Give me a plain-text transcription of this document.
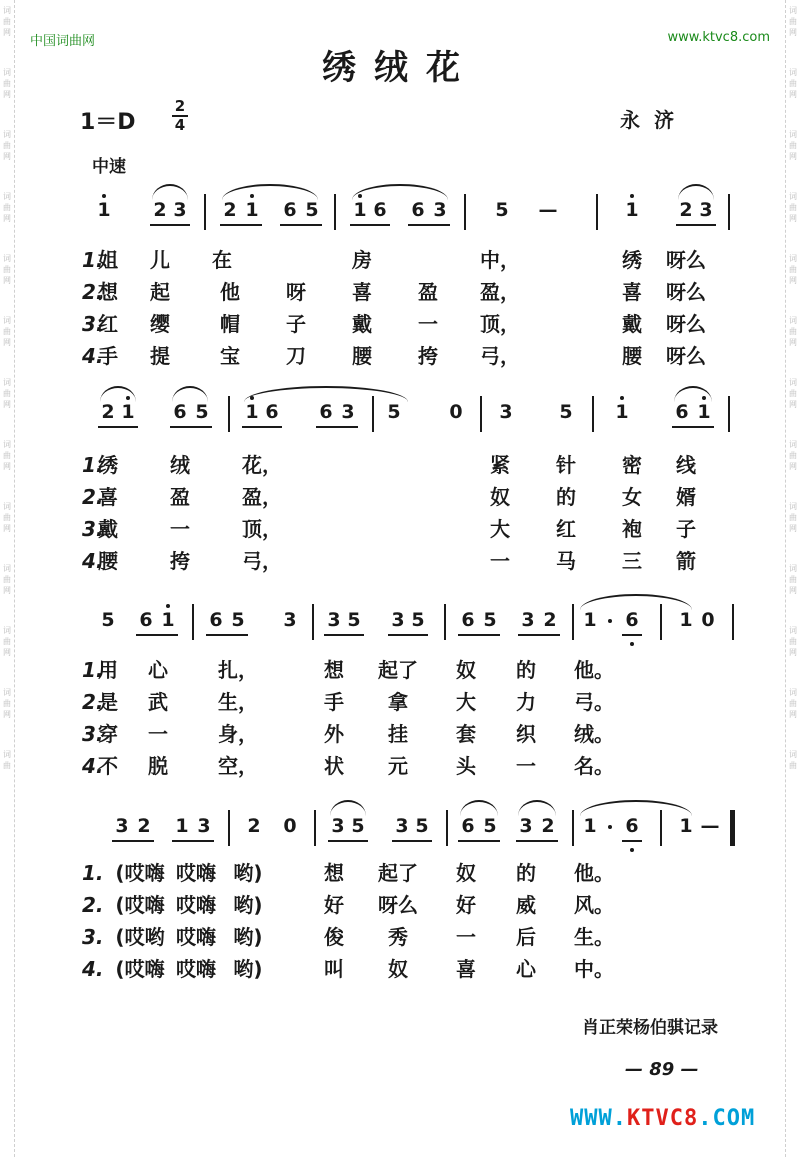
词
曲
网
词
曲
网
词
曲
网
词
曲
网
词
曲
网
词
曲
网
词
曲
网
词
曲
网
词
曲
网
词
曲
网
词
曲
网
词
曲
网
词
曲
词
曲
网
词
曲
网
词
曲
网
词
曲
网
词
曲
网
词
曲
网
词
曲
网
词
曲
网
词
曲
网
词
曲
网
词
曲
网
词
曲
网
词
曲
中国词曲网	www.ktvc8.com
绣绒花
1＝D
2
4	永济
中速
1 2 3 2 1 6 5 1 6 6 3	5 —	1 2 3
2 1 6 5 1 6 6 3 5	0 3 5 1 6 1
5 6 1 6 5 3 3 5 3 5 6 5 3 2 1 6 1 0
3 2 1 3 2 0 3 5 3 5 6 5 3 2 1 6 1 —
1.
姐 儿 在	房	中，	绣 呀么
2.
想 起	他 呀 喜 盈 盈，	喜 呀么
3.
红 缨	帽 子 戴 一 顶，	戴 呀么
4.
手 提	宝 刀 腰 挎 弓，	腰 呀么
1.
绣	绒	花，	紧 针 密 线
2.
喜	盈	盈，	奴 的 女 婿
3.
戴	一	顶，	大 红 袍 子
4.
腰	挎	弓，	一 马 三 箭
1.
用 心	扎，	想 起了 奴 的 他。
2.
是 武	生，	手 拿 大 力 弓。
3.
穿 一	身，	外 挂 套 织 绒。
4.
不 脱	空，	状 元 头 一 名。
1. (哎嗨 哎嗨 哟)	想 起了 奴 的 他。
2. (哎嗨 哎嗨 哟)	好 呀么 好 威 风。
3. (哎哟 哎嗨 哟)	俊 秀 一 后 生。
4. (哎嗨 哎嗨 哟)	叫 奴 喜 心 中。
肖正荣杨伯骐记录
— 89 —
WWW.KTVC8.COM
